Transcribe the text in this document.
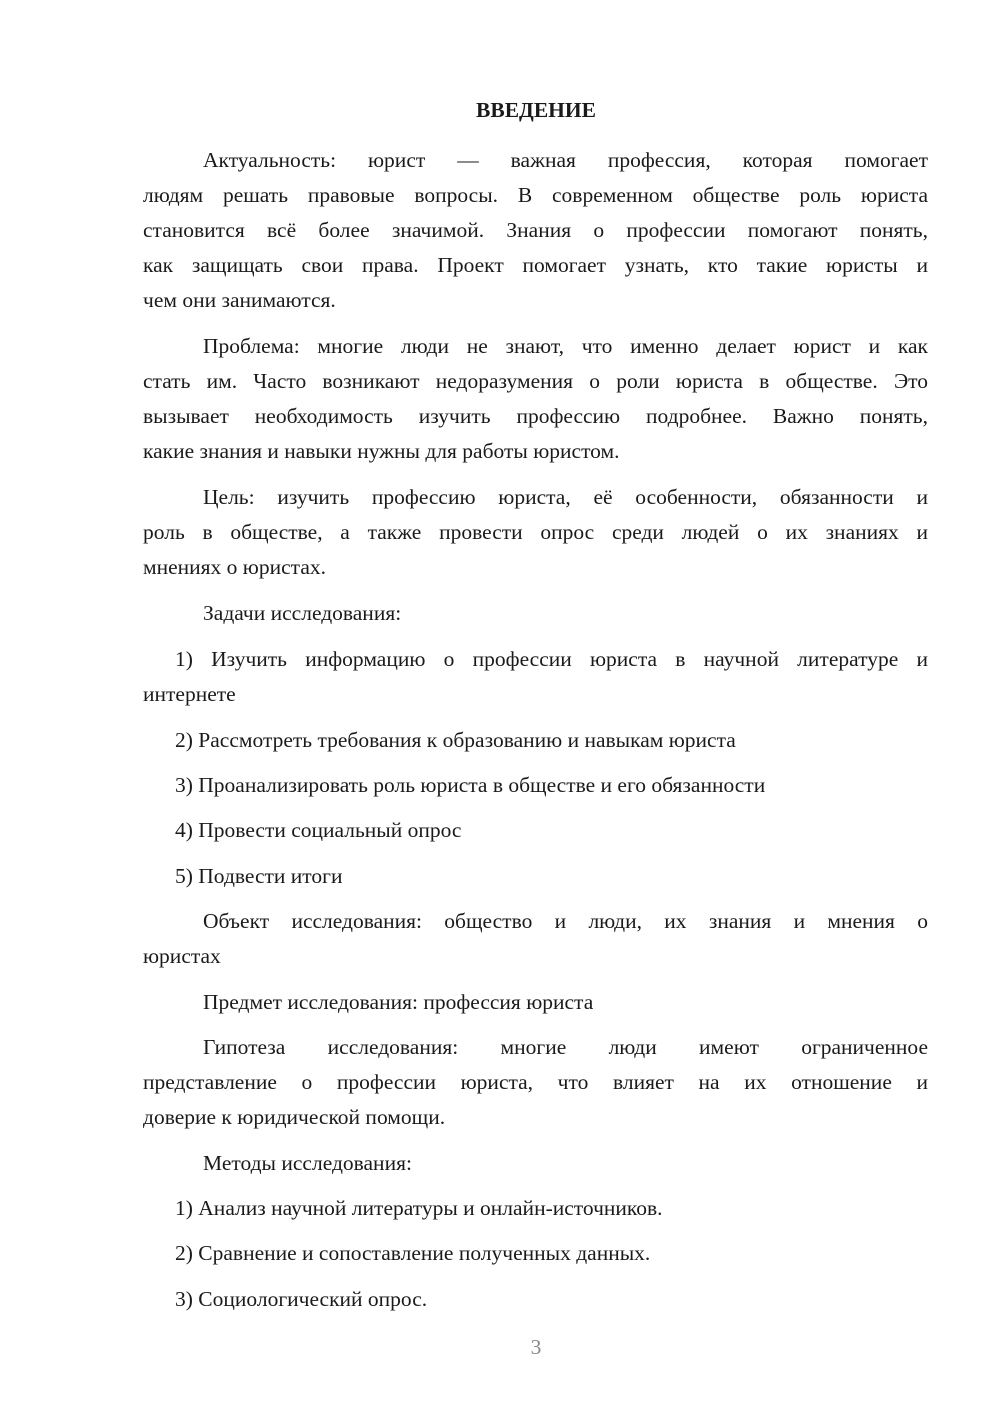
ВВЕДЕНИЕ
Актуальность: юрист — важная профессия, которая помогает
людям решать правовые вопросы. В современном обществе роль юриста
становится всё более значимой. Знания о профессии помогают понять,
как защищать свои права. Проект помогает узнать, кто такие юристы и
чем они занимаются.
Проблема: многие люди не знают, что именно делает юрист и как
стать им. Часто возникают недоразумения о роли юриста в обществе. Это
вызывает необходимость изучить профессию подробнее. Важно понять,
какие знания и навыки нужны для работы юристом.
Цель: изучить профессию юриста, её особенности, обязанности и
роль в обществе, а также провести опрос среди людей о их знаниях и
мнениях о юристах.
Задачи исследования:
1) Изучить информацию о профессии юриста в научной литературе и
интернете
2) Рассмотреть требования к образованию и навыкам юриста
3) Проанализировать роль юриста в обществе и его обязанности
4) Провести социальный опрос
5) Подвести итоги
Объект исследования: общество и люди, их знания и мнения о
юристах
Предмет исследования: профессия юриста
Гипотеза исследования: многие люди имеют ограниченное
представление о профессии юриста, что влияет на их отношение и
доверие к юридической помощи.
Методы исследования:
1) Анализ научной литературы и онлайн-источников.
2) Сравнение и сопоставление полученных данных.
3) Социологический опрос.
3
